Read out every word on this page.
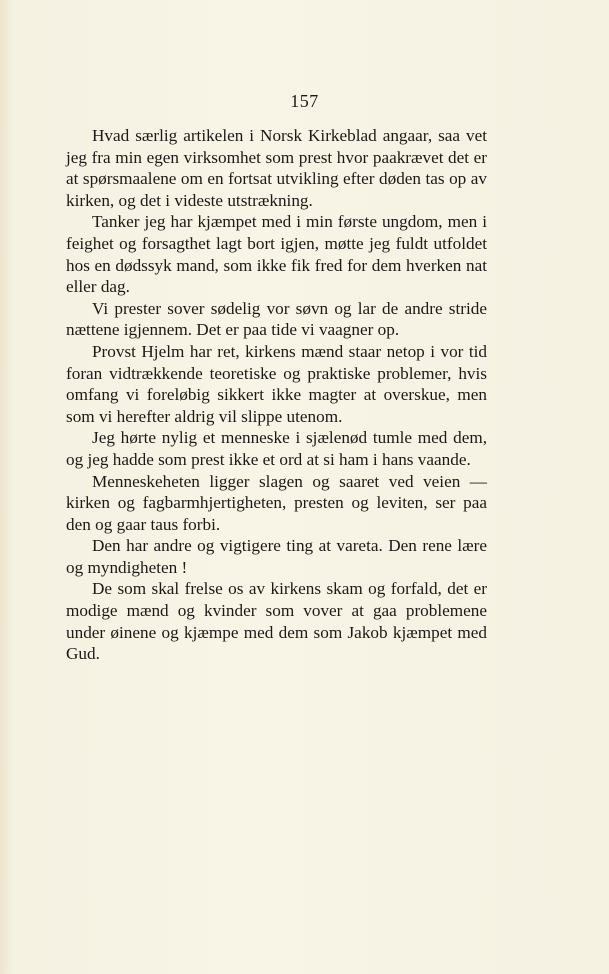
157

Hvad særlig artikelen i Norsk Kirkeblad angaar, saa vet jeg fra min egen virksomhet som prest hvor paakrævet det er at spørsmaalene om en fortsat utvikling efter døden tas op av kirken, og det i videste utstrækning.

Tanker jeg har kjæmpet med i min første ungdom, men i feighet og forsagthet lagt bort igjen, møtte jeg fuldt utfoldet hos en dødssyk mand, som ikke fik fred for dem hverken nat eller dag.

Vi prester sover sødelig vor søvn og lar de andre stride nættene igjennem. Det er paa tide vi vaagner op.

Provst Hjelm har ret, kirkens mænd staar netop i vor tid foran vidtrækkende teoretiske og praktiske problemer, hvis omfang vi foreløbig sikkert ikke magter at overskue, men som vi herefter aldrig vil slippe utenom.

Jeg hørte nylig et menneske i sjælenød tumle med dem, og jeg hadde som prest ikke et ord at si ham i hans vaande.

Menneskeheten ligger slagen og saaret ved veien — kirken og fagbarmhjertigheten, presten og leviten, ser paa den og gaar taus forbi.

Den har andre og vigtigere ting at vareta. Den rene lære og myndigheten !

De som skal frelse os av kirkens skam og forfald, det er modige mænd og kvinder som vover at gaa problemene under øinene og kjæmpe med dem som Jakob kjæmpet med Gud.
